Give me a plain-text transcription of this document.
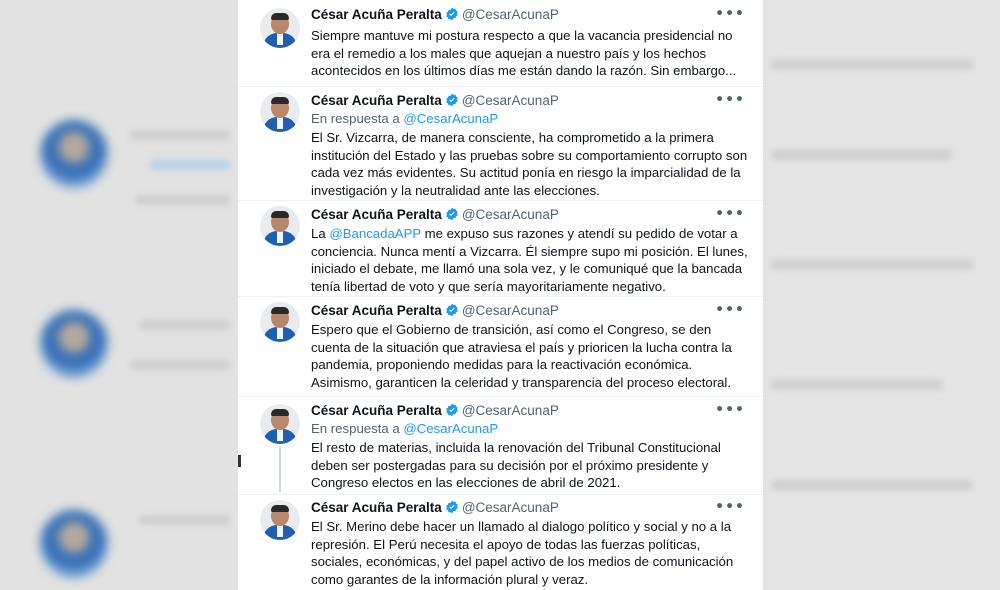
César Acuña Peralta @CesarAcunaP	•••
Siempre mantuve mi postura respecto a que la vacancia presidencial no era el remedio a los males que aquejan a nuestro país y los hechos acontecidos en los últimos días me están dando la razón. Sin embargo...
César Acuña Peralta @CesarAcunaP	•••
En respuesta a @CesarAcunaP
El Sr. Vizcarra, de manera consciente, ha comprometido a la primera institución del Estado y las pruebas sobre su comportamiento corrupto son cada vez más evidentes. Su actitud ponía en riesgo la imparcialidad de la investigación y la neutralidad ante las elecciones.
César Acuña Peralta @CesarAcunaP	•••
La @BancadaAPP me expuso sus razones y atendí su pedido de votar a conciencia. Nunca mentí a Vizcarra. Él siempre supo mi posición. El lunes, iniciado el debate, me llamó una sola vez, y le comuniqué que la bancada tenía libertad de voto y que sería mayoritariamente negativo.
César Acuña Peralta @CesarAcunaP	•••
Espero que el Gobierno de transición, así como el Congreso, se den cuenta de la situación que atraviesa el país y prioricen la lucha contra la pandemia, proponiendo medidas para la reactivación económica. Asimismo, garanticen la celeridad y transparencia del proceso electoral.
César Acuña Peralta @CesarAcunaP	•••
En respuesta a @CesarAcunaP
El resto de materias, incluida la renovación del Tribunal Constitucional deben ser postergadas para su decisión por el próximo presidente y Congreso electos en las elecciones de abril de 2021.
César Acuña Peralta @CesarAcunaP	•••
El Sr. Merino debe hacer un llamado al dialogo político y social y no a la represión. El Perú necesita el apoyo de todas las fuerzas políticas, sociales, económicas, y del papel activo de los medios de comunicación como garantes de la información plural y veraz.
